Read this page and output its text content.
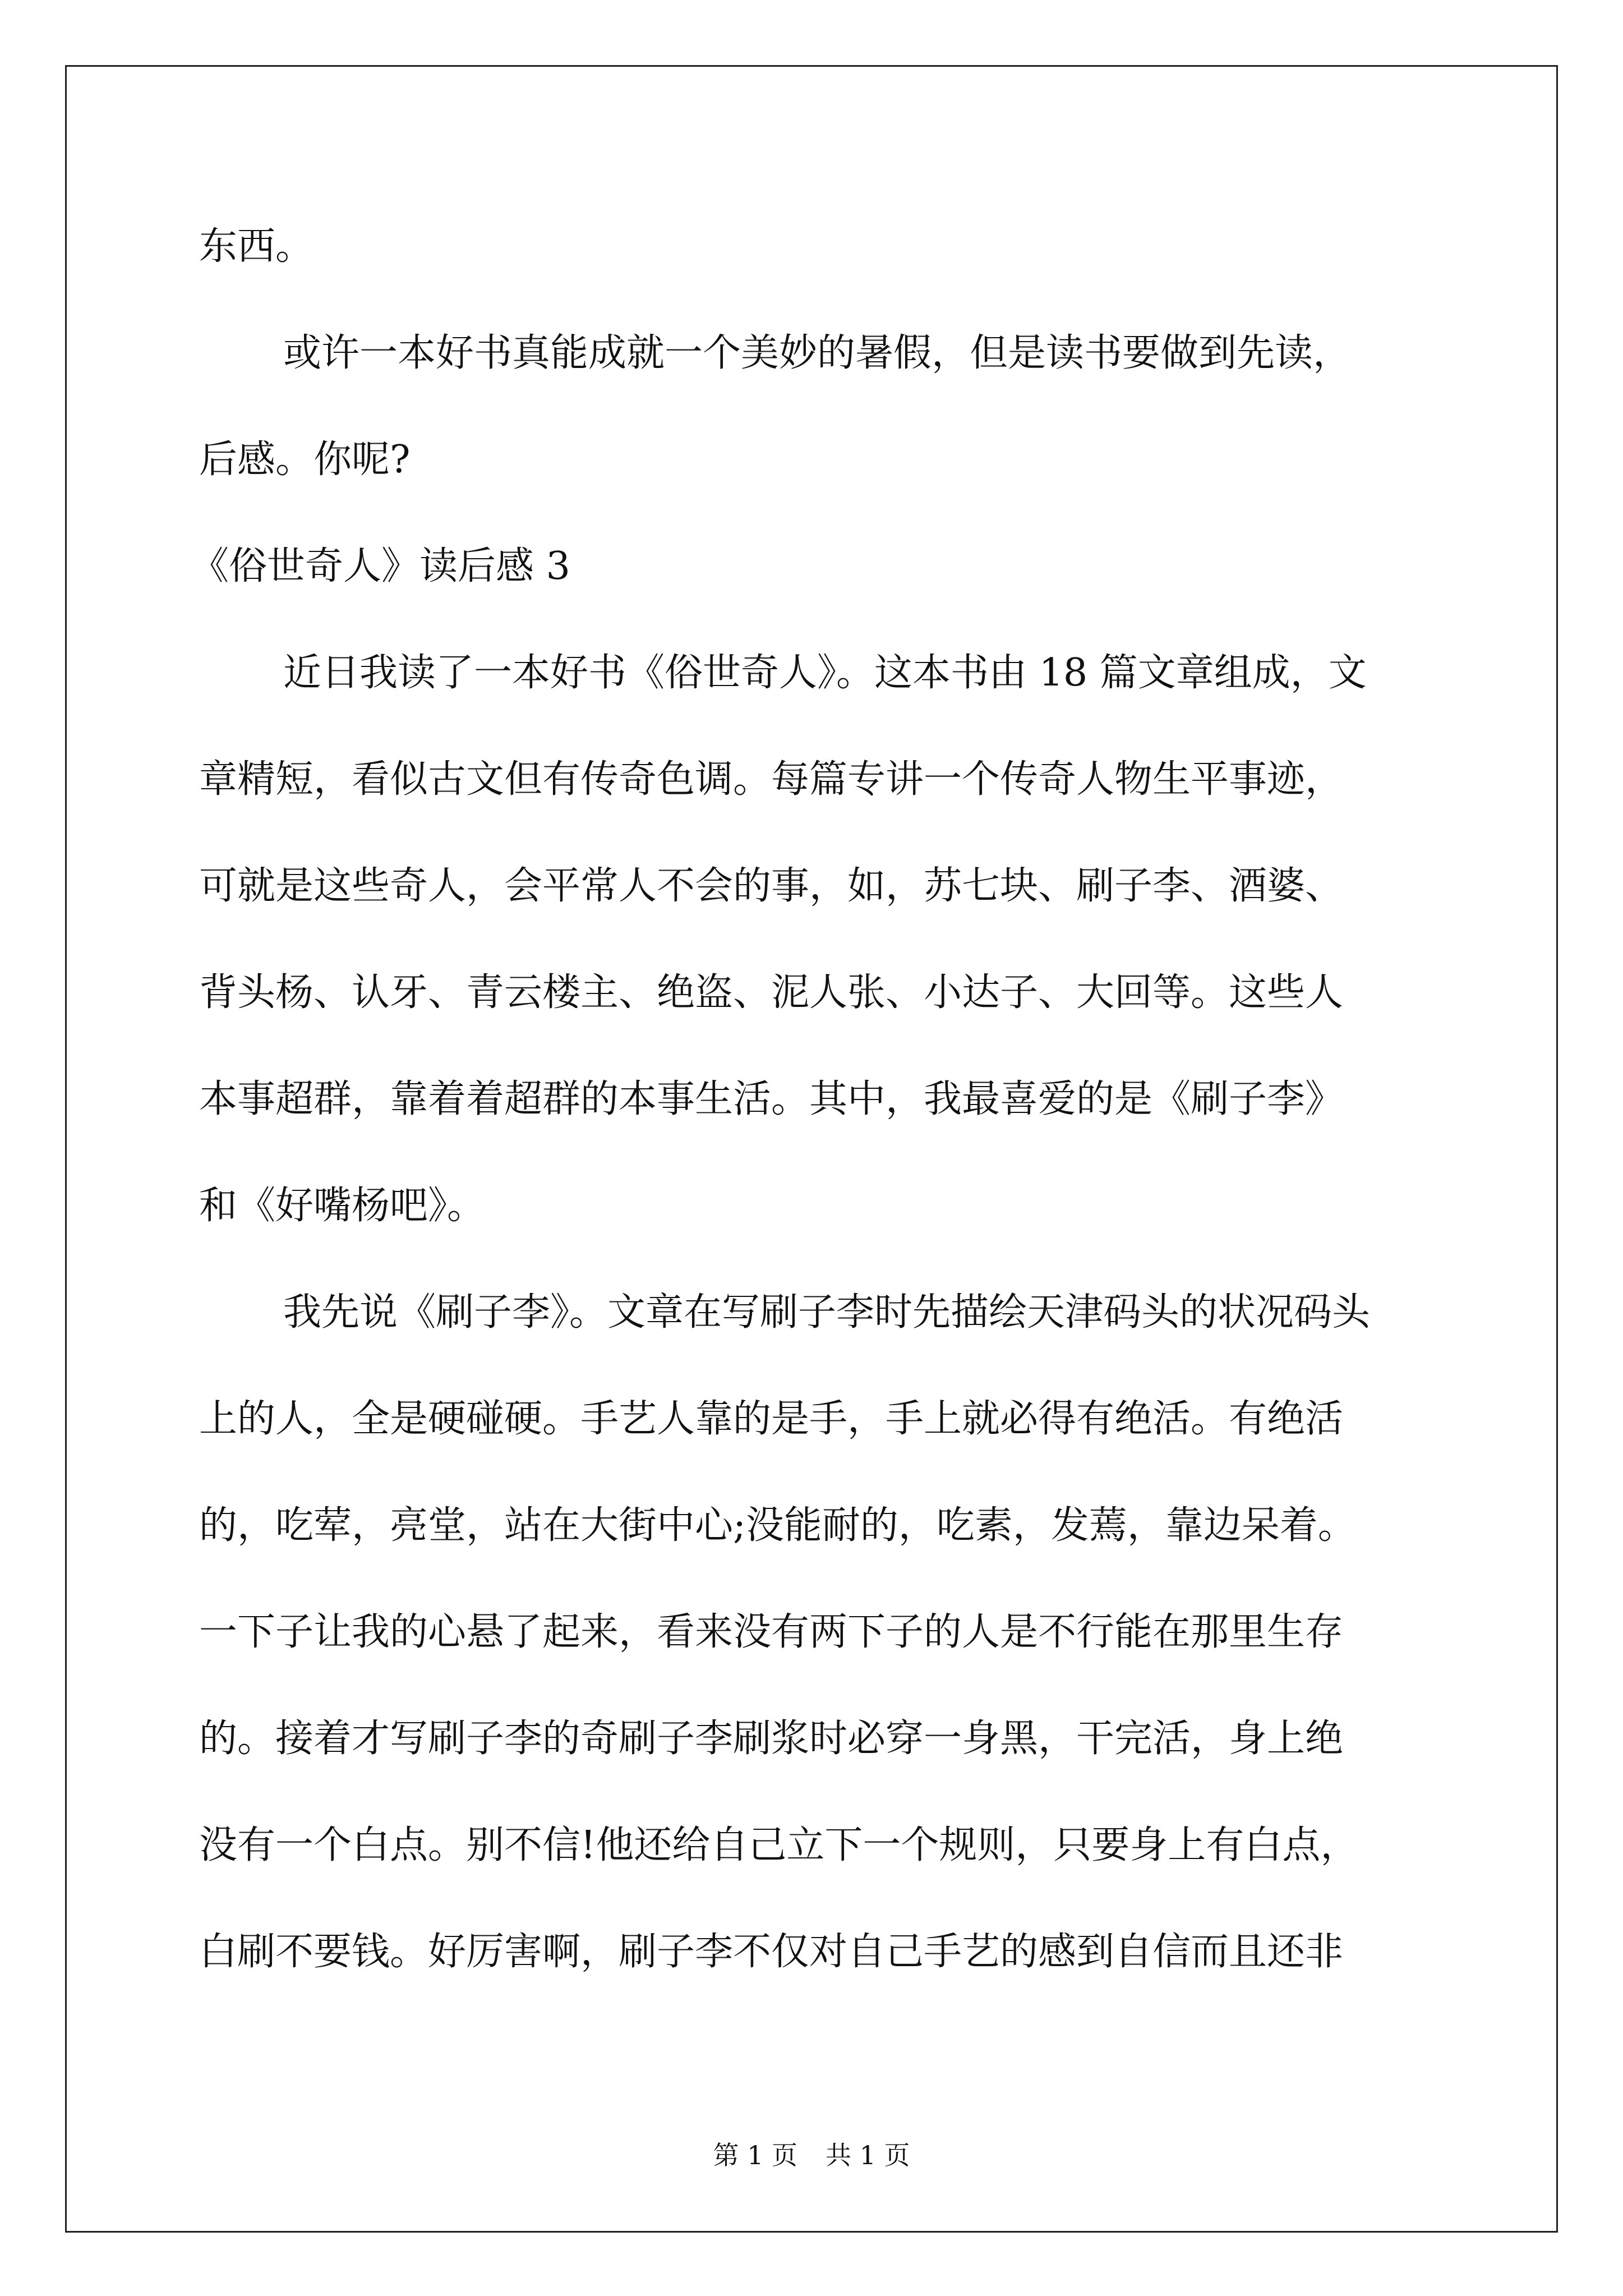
东西。
或许一本好书真能成就一个美妙的暑假，但是读书要做到先读，
后感。你呢?
《俗世奇人》读后感 3
近日我读了一本好书《俗世奇人》。这本书由 18 篇文章组成，文
章精短，看似古文但有传奇色调。每篇专讲一个传奇人物生平事迹，
可就是这些奇人，会平常人不会的事，如，苏七块、刷子李、酒婆、
背头杨、认牙、青云楼主、绝盗、泥人张、小达子、大回等。这些人
本事超群，靠着着超群的本事生活。其中，我最喜爱的是《刷子李》
和《好嘴杨吧》。
我先说《刷子李》。文章在写刷子李时先描绘天津码头的状况码头
上的人，全是硬碰硬。手艺人靠的是手，手上就必得有绝活。有绝活
的，吃荤，亮堂，站在大街中心;没能耐的，吃素，发蔫，靠边呆着。
一下子让我的心悬了起来，看来没有两下子的人是不行能在那里生存
的。接着才写刷子李的奇刷子李刷浆时必穿一身黑，干完活，身上绝
没有一个白点。别不信!他还给自己立下一个规则，只要身上有白点，
白刷不要钱。好厉害啊，刷子李不仅对自己手艺的感到自信而且还非
第 1 页 共 1 页
